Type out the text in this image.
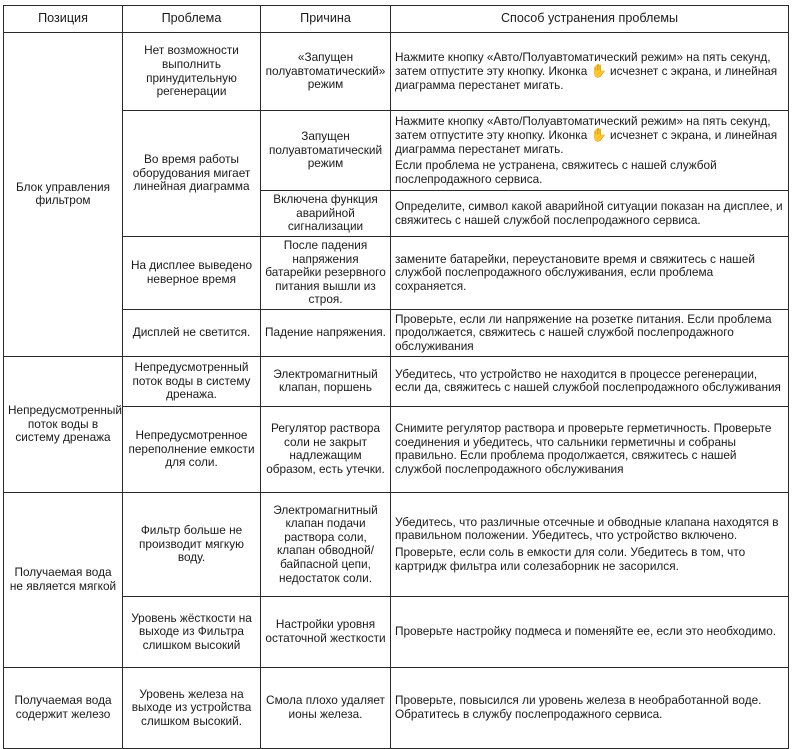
Позиция	Проблема	Причина	Способ устранения проблемы
Блок управления фильтром	Нет возможности выполнить принудительную регенерации	«Запущен полуавтоматический» режим	Нажмите кнопку «Авто/Полуавтоматический режим» на пять секунд, затем отпустите эту кнопку. Иконка ✋ исчезнет с экрана, и линейная диаграмма перестанет мигать.
	Во время работы оборудования мигает линейная диаграмма	Запущен полуавтоматический режим	Нажмите кнопку «Авто/Полуавтоматический режим» на пять секунд, затем отпустите эту кнопку. Иконка ✋ исчезнет с экрана, и линейная диаграмма перестанет мигать.
Если проблема не устранена, свяжитесь с нашей службой послепродажного сервиса.

		Включена функция аварийной сигнализации	Определите, символ какой аварийной ситуации показан на дисплее, и свяжитесь с нашей службой послепродажного сервиса.
	На дисплее выведено неверное время	После падения напряжения батарейки резервного питания вышли из строя.	замените батарейки, переустановите время и свяжитесь с нашей службой послепродажного обслуживания, если проблема сохраняется.
	Дисплей не светится.	Падение напряжения.	Проверьте, если ли напряжение на розетке питания. Если проблема продолжается, свяжитесь с нашей службой послепродажного обслуживания
Непредусмотренный поток воды в систему дренажа	Непредусмотренный поток воды в систему дренажа.	Электромагнитный клапан, поршень	Убедитесь, что устройство не находится в процессе регенерации, если да, свяжитесь с нашей службой послепродажного обслуживания
	Непредусмотренное переполнение емкости для соли.	Регулятор раствора соли не закрыт надлежащим образом, есть утечки.	Снимите регулятор раствора и проверьте герметичность. Проверьте соединения и убедитесь, что сальники герметичны и собраны правильно. Если проблема продолжается, свяжитесь с нашей службой послепродажного обслуживания
Получаемая вода не является мягкой	Фильтр больше не производит мягкую воду.	Электромагнитный клапан подачи раствора соли, клапан обводной/байпасной цепи, недостаток соли.	Убедитесь, что различные отсечные и обводные клапана находятся в правильном положении. Убедитесь, что устройство включено.
Проверьте, если соль в емкости для соли. Убедитесь в том, что картридж фильтра или солезаборник не засорился.

	Уровень жёсткости на выходе из Фильтра слишком высокий	Настройки уровня остаточной жесткости	Проверьте настройку подмеса и поменяйте ее, если это необходимо.
Получаемая вода содержит железо	Уровень железа на выходе из устройства слишком высокий.	Смола плохо удаляет ионы железа.	Проверьте, повысился ли уровень железа в необработанной воде. Обратитесь в службу послепродажного сервиса.
